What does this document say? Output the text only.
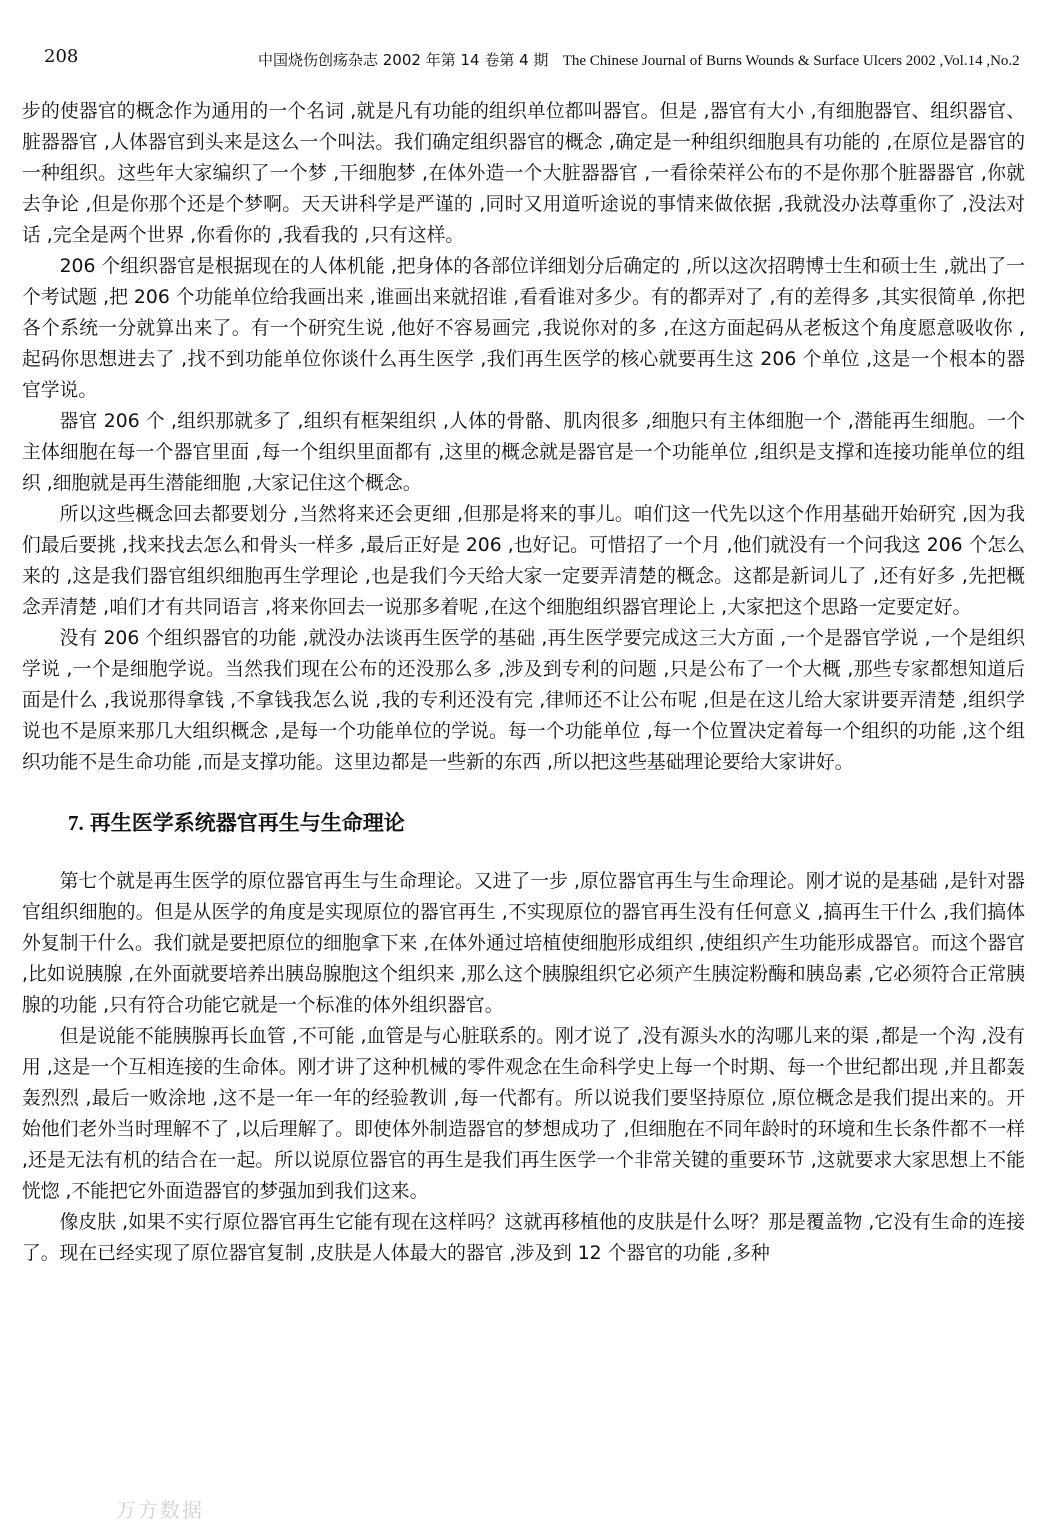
208	中国烧伤创疡杂志 2002 年第 14 卷第 4 期 The Chinese Journal of Burns Wounds & Surface Ulcers 2002 ,Vol.14 ,No.2

步的使器官的概念作为通用的一个名词 ,就是凡有功能的组织单位都叫器官。但是 ,器官有大小 ,有细胞器官、组织器官、脏器器官 ,人体器官到头来是这么一个叫法。我们确定组织器官的概念 ,确定是一种组织细胞具有功能的 ,在原位是器官的一种组织。这些年大家编织了一个梦 ,干细胞梦 ,在体外造一个大脏器器官 ,一看徐荣祥公布的不是你那个脏器器官 ,你就去争论 ,但是你那个还是个梦啊。天天讲科学是严谨的 ,同时又用道听途说的事情来做依据 ,我就没办法尊重你了 ,没法对话 ,完全是两个世界 ,你看你的 ,我看我的 ,只有这样。

206 个组织器官是根据现在的人体机能 ,把身体的各部位详细划分后确定的 ,所以这次招聘博士生和硕士生 ,就出了一个考试题 ,把 206 个功能单位给我画出来 ,谁画出来就招谁 ,看看谁对多少。有的都弄对了 ,有的差得多 ,其实很简单 ,你把各个系统一分就算出来了。有一个研究生说 ,他好不容易画完 ,我说你对的多 ,在这方面起码从老板这个角度愿意吸收你 ,起码你思想进去了 ,找不到功能单位你谈什么再生医学 ,我们再生医学的核心就要再生这 206 个单位 ,这是一个根本的器官学说。

器官 206 个 ,组织那就多了 ,组织有框架组织 ,人体的骨骼、肌肉很多 ,细胞只有主体细胞一个 ,潜能再生细胞。一个主体细胞在每一个器官里面 ,每一个组织里面都有 ,这里的概念就是器官是一个功能单位 ,组织是支撑和连接功能单位的组织 ,细胞就是再生潜能细胞 ,大家记住这个概念。

所以这些概念回去都要划分 ,当然将来还会更细 ,但那是将来的事儿。咱们这一代先以这个作用基础开始研究 ,因为我们最后要挑 ,找来找去怎么和骨头一样多 ,最后正好是 206 ,也好记。可惜招了一个月 ,他们就没有一个问我这 206 个怎么来的 ,这是我们器官组织细胞再生学理论 ,也是我们今天给大家一定要弄清楚的概念。这都是新词儿了 ,还有好多 ,先把概念弄清楚 ,咱们才有共同语言 ,将来你回去一说那多着呢 ,在这个细胞组织器官理论上 ,大家把这个思路一定要定好。

没有 206 个组织器官的功能 ,就没办法谈再生医学的基础 ,再生医学要完成这三大方面 ,一个是器官学说 ,一个是组织学说 ,一个是细胞学说。当然我们现在公布的还没那么多 ,涉及到专利的问题 ,只是公布了一个大概 ,那些专家都想知道后面是什么 ,我说那得拿钱 ,不拿钱我怎么说 ,我的专利还没有完 ,律师还不让公布呢 ,但是在这儿给大家讲要弄清楚 ,组织学说也不是原来那几大组织概念 ,是每一个功能单位的学说。每一个功能单位 ,每一个位置决定着每一个组织的功能 ,这个组织功能不是生命功能 ,而是支撑功能。这里边都是一些新的东西 ,所以把这些基础理论要给大家讲好。

7. 再生医学系统器官再生与生命理论

第七个就是再生医学的原位器官再生与生命理论。又进了一步 ,原位器官再生与生命理论。刚才说的是基础 ,是针对器官组织细胞的。但是从医学的角度是实现原位的器官再生 ,不实现原位的器官再生没有任何意义 ,搞再生干什么 ,我们搞体外复制干什么。我们就是要把原位的细胞拿下来 ,在体外通过培植使细胞形成组织 ,使组织产生功能形成器官。而这个器官 ,比如说胰腺 ,在外面就要培养出胰岛腺胞这个组织来 ,那么这个胰腺组织它必须产生胰淀粉酶和胰岛素 ,它必须符合正常胰腺的功能 ,只有符合功能它就是一个标准的体外组织器官。

但是说能不能胰腺再长血管 ,不可能 ,血管是与心脏联系的。刚才说了 ,没有源头水的沟哪儿来的渠 ,都是一个沟 ,没有用 ,这是一个互相连接的生命体。刚才讲了这种机械的零件观念在生命科学史上每一个时期、每一个世纪都出现 ,并且都轰轰烈烈 ,最后一败涂地 ,这不是一年一年的经验教训 ,每一代都有。所以说我们要坚持原位 ,原位概念是我们提出来的。开始他们老外当时理解不了 ,以后理解了。即使体外制造器官的梦想成功了 ,但细胞在不同年龄时的环境和生长条件都不一样 ,还是无法有机的结合在一起。所以说原位器官的再生是我们再生医学一个非常关键的重要环节 ,这就要求大家思想上不能恍惚 ,不能把它外面造器官的梦强加到我们这来。

像皮肤 ,如果不实行原位器官再生它能有现在这样吗？这就再移植他的皮肤是什么呀？那是覆盖物 ,它没有生命的连接了。现在已经实现了原位器官复制 ,皮肤是人体最大的器官 ,涉及到 12 个器官的功能 ,多种

万方数据
